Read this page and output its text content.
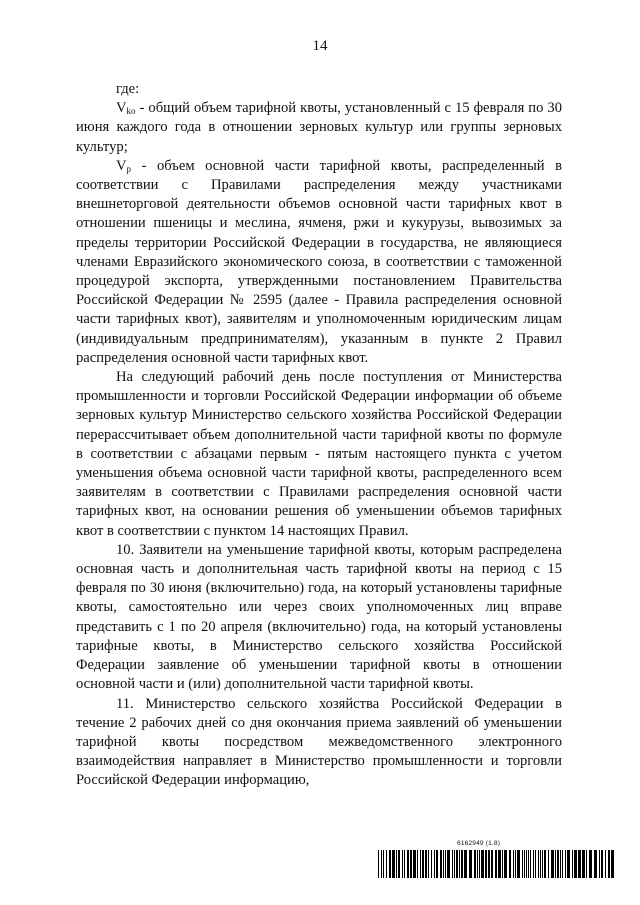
14

где:

$V_{ko}$ - общий объем тарифной квоты, установленный с 15 февраля по 30 июня каждого года в отношении зерновых культур или группы зерновых культур;

$V_p$ - объем основной части тарифной квоты, распределенный в соответствии с Правилами распределения между участниками внешнеторговой деятельности объемов основной части тарифных квот в отношении пшеницы и меслина, ячменя, ржи и кукурузы, вывозимых за пределы территории Российской Федерации в государства, не являющиеся членами Евразийского экономического союза, в соответствии с таможенной процедурой экспорта, утвержденными постановлением Правительства Российской Федерации № 2595 (далее - Правила распределения основной части тарифных квот), заявителям и уполномоченным юридическим лицам (индивидуальным предпринимателям), указанным в пункте 2 Правил распределения основной части тарифных квот.

На следующий рабочий день после поступления от Министерства промышленности и торговли Российской Федерации информации об объеме зерновых культур Министерство сельского хозяйства Российской Федерации перерассчитывает объем дополнительной части тарифной квоты по формуле в соответствии с абзацами первым - пятым настоящего пункта с учетом уменьшения объема основной части тарифной квоты, распределенного всем заявителям в соответствии с Правилами распределения основной части тарифных квот, на основании решения об уменьшении объемов тарифных квот в соответствии с пунктом 14 настоящих Правил.

10. Заявители на уменьшение тарифной квоты, которым распределена основная часть и дополнительная часть тарифной квоты на период с 15 февраля по 30 июня (включительно) года, на который установлены тарифные квоты, самостоятельно или через своих уполномоченных лиц вправе представить с 1 по 20 апреля (включительно) года, на который установлены тарифные квоты, в Министерство сельского хозяйства Российской Федерации заявление об уменьшении тарифной квоты в отношении основной части и (или) дополнительной части тарифной квоты.

11. Министерство сельского хозяйства Российской Федерации в течение 2 рабочих дней со дня окончания приема заявлений об уменьшении тарифной квоты посредством межведомственного электронного взаимодействия направляет в Министерство промышленности и торговли Российской Федерации информацию,

6162949 (1.8)
